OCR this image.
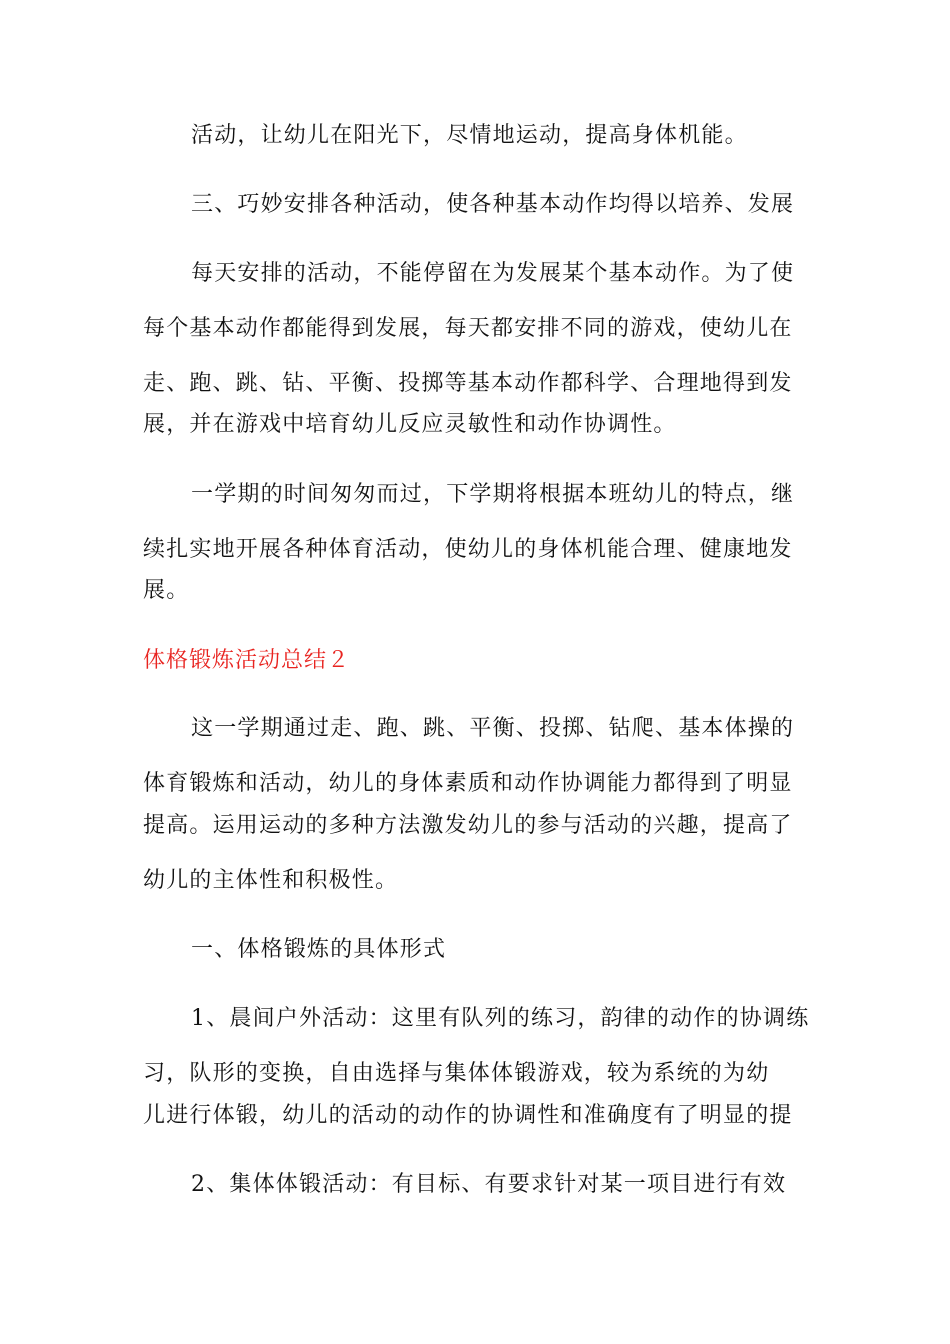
活动，让幼儿在阳光下，尽情地运动，提高身体机能。
三、巧妙安排各种活动，使各种基本动作均得以培养、发展
每天安排的活动，不能停留在为发展某个基本动作。为了使
每个基本动作都能得到发展，每天都安排不同的游戏，使幼儿在
走、跑、跳、钻、平衡、投掷等基本动作都科学、合理地得到发
展，并在游戏中培育幼儿反应灵敏性和动作协调性。
一学期的时间匆匆而过，下学期将根据本班幼儿的特点，继
续扎实地开展各种体育活动，使幼儿的身体机能合理、健康地发
展。
体格锻炼活动总结２
这一学期通过走、跑、跳、平衡、投掷、钻爬、基本体操的
体育锻炼和活动，幼儿的身体素质和动作协调能力都得到了明显
提高。运用运动的多种方法激发幼儿的参与活动的兴趣，提高了
幼儿的主体性和积极性。
一、体格锻炼的具体形式
1、晨间户外活动：这里有队列的练习，韵律的动作的协调练
习，队形的变换，自由选择与集体体锻游戏，较为系统的为幼
儿进行体锻，幼儿的活动的动作的协调性和准确度有了明显的提
2、集体体锻活动：有目标、有要求针对某一项目进行有效
